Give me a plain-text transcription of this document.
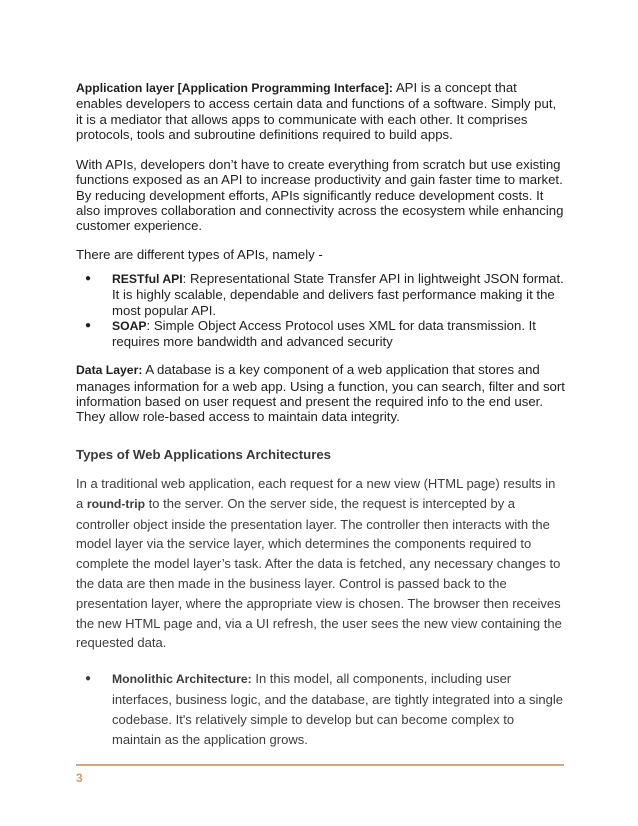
Application layer [Application Programming Interface]: API is a concept that enables developers to access certain data and functions of a software. Simply put, it is a mediator that allows apps to communicate with each other. It comprises protocols, tools and subroutine definitions required to build apps.

With APIs, developers don’t have to create everything from scratch but use existing functions exposed as an API to increase productivity and gain faster time to market. By reducing development efforts, APIs significantly reduce development costs. It also improves collaboration and connectivity across the ecosystem while enhancing customer experience.

There are different types of APIs, namely -

● RESTful API: Representational State Transfer API in lightweight JSON format. It is highly scalable, dependable and delivers fast performance making it the most popular API.
● SOAP: Simple Object Access Protocol uses XML for data transmission. It requires more bandwidth and advanced security

Data Layer: A database is a key component of a web application that stores and manages information for a web app. Using a function, you can search, filter and sort information based on user request and present the required info to the end user. They allow role-based access to maintain data integrity.

Types of Web Applications Architectures

In a traditional web application, each request for a new view (HTML page) results in a round-trip to the server. On the server side, the request is intercepted by a controller object inside the presentation layer. The controller then interacts with the model layer via the service layer, which determines the components required to complete the model layer’s task. After the data is fetched, any necessary changes to the data are then made in the business layer. Control is passed back to the presentation layer, where the appropriate view is chosen. The browser then receives the new HTML page and, via a UI refresh, the user sees the new view containing the requested data.

● Monolithic Architecture: In this model, all components, including user interfaces, business logic, and the database, are tightly integrated into a single codebase. It's relatively simple to develop but can become complex to maintain as the application grows.
3
